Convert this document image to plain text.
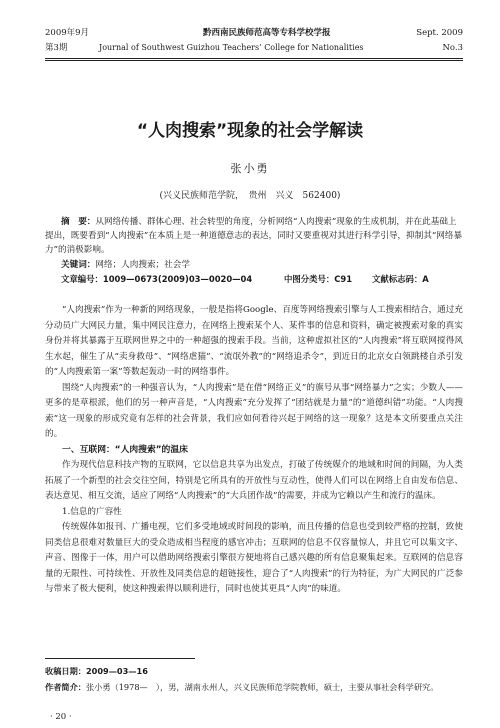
2009年9月	黔西南民族师范高等专科学校学报	Sept. 2009
第3期	Journal of Southwest Guizhou Teachers’ College for Nationalities	No.3
“人肉搜索”现象的社会学解读
张小勇
(兴义民族师范学院，　贵州　兴义　562400)
摘　要：从网络传播、群体心理、社会转型的角度，分析网络“人肉搜索”现象的生成机制，并在此基础上提出，既要看到“人肉搜索”在本质上是一种道德意志的表达，同时又要重视对其进行科学引导，抑制其“网络暴力”的消极影响。
关键词：网络；人肉搜索；社会学
文章编号：1009—0673(2009)03—0020—04	中图分类号：C91 文献标志码：A

“人肉搜索”作为一种新的网络现象，一般是指将Google、百度等网络搜索引擎与人工搜索相结合，通过充分动员广大网民力量，集中网民注意力，在网络上搜索某个人、某件事的信息和资料，确定被搜索对象的真实身份并将其暴露于互联网世界之中的一种超强的搜索手段。当前，这种虚拟社区的“人肉搜索”将互联网搅得风生水起，催生了从“卖身救母”、“网络虐猫”、“流氓外教”的“网络追杀令”，到近日的北京女白领跳楼自杀引发的“人肉搜索第一案”等数起轰动一时的网络事件。

围绕“人肉搜索”的一种强音认为，“人肉搜索”是在借“网络正义”的旗号从事“网络暴力”之实；少数人——更多的是草根派，他们的另一种声音是，“人肉搜索”充分发挥了“团结就是力量”的“道德纠错”功能。“人肉搜索”这一现象的形成究竟有怎样的社会背景，我们应如何看待兴起于网络的这一现象？这是本文所要重点关注的。

一、互联网：“人肉搜索”的温床

作为现代信息科技产物的互联网，它以信息共享为出发点，打破了传统媒介的地域和时间的间隔，为人类拓展了一个新型的社会交往空间，特别是它所具有的开放性与互动性，使得人们可以在网络上自由发布信息、表达意见、相互交流，适应了网络“人肉搜索”的“大兵团作战”的需要，并成为它赖以产生和流行的温床。

1.信息的广容性

传统媒体如报刊、广播电视，它们多受地域或时间段的影响，而且传播的信息也受到较严格的控制，致使同类信息很难对数量巨大的受众造成相当程度的感官冲击；互联网的信息不仅容量惊人，并且它可以集文字、声音、图像于一体，用户可以借助网络搜索引擎很方便地将自己感兴趣的所有信息聚集起来。互联网的信息容量的无限性、可持续性、开放性及同类信息的超链接性，迎合了“人肉搜索”的行为特征，为广大网民的广泛参与带来了极大便利，使这种搜索得以顺利进行，同时也使其更具“人肉”的味道。

收稿日期：2009—03—16
作者简介：张小勇（1978—　），男，湖南永州人，兴义民族师范学院教师，硕士，主要从事社会科学研究。
· 20 ·
